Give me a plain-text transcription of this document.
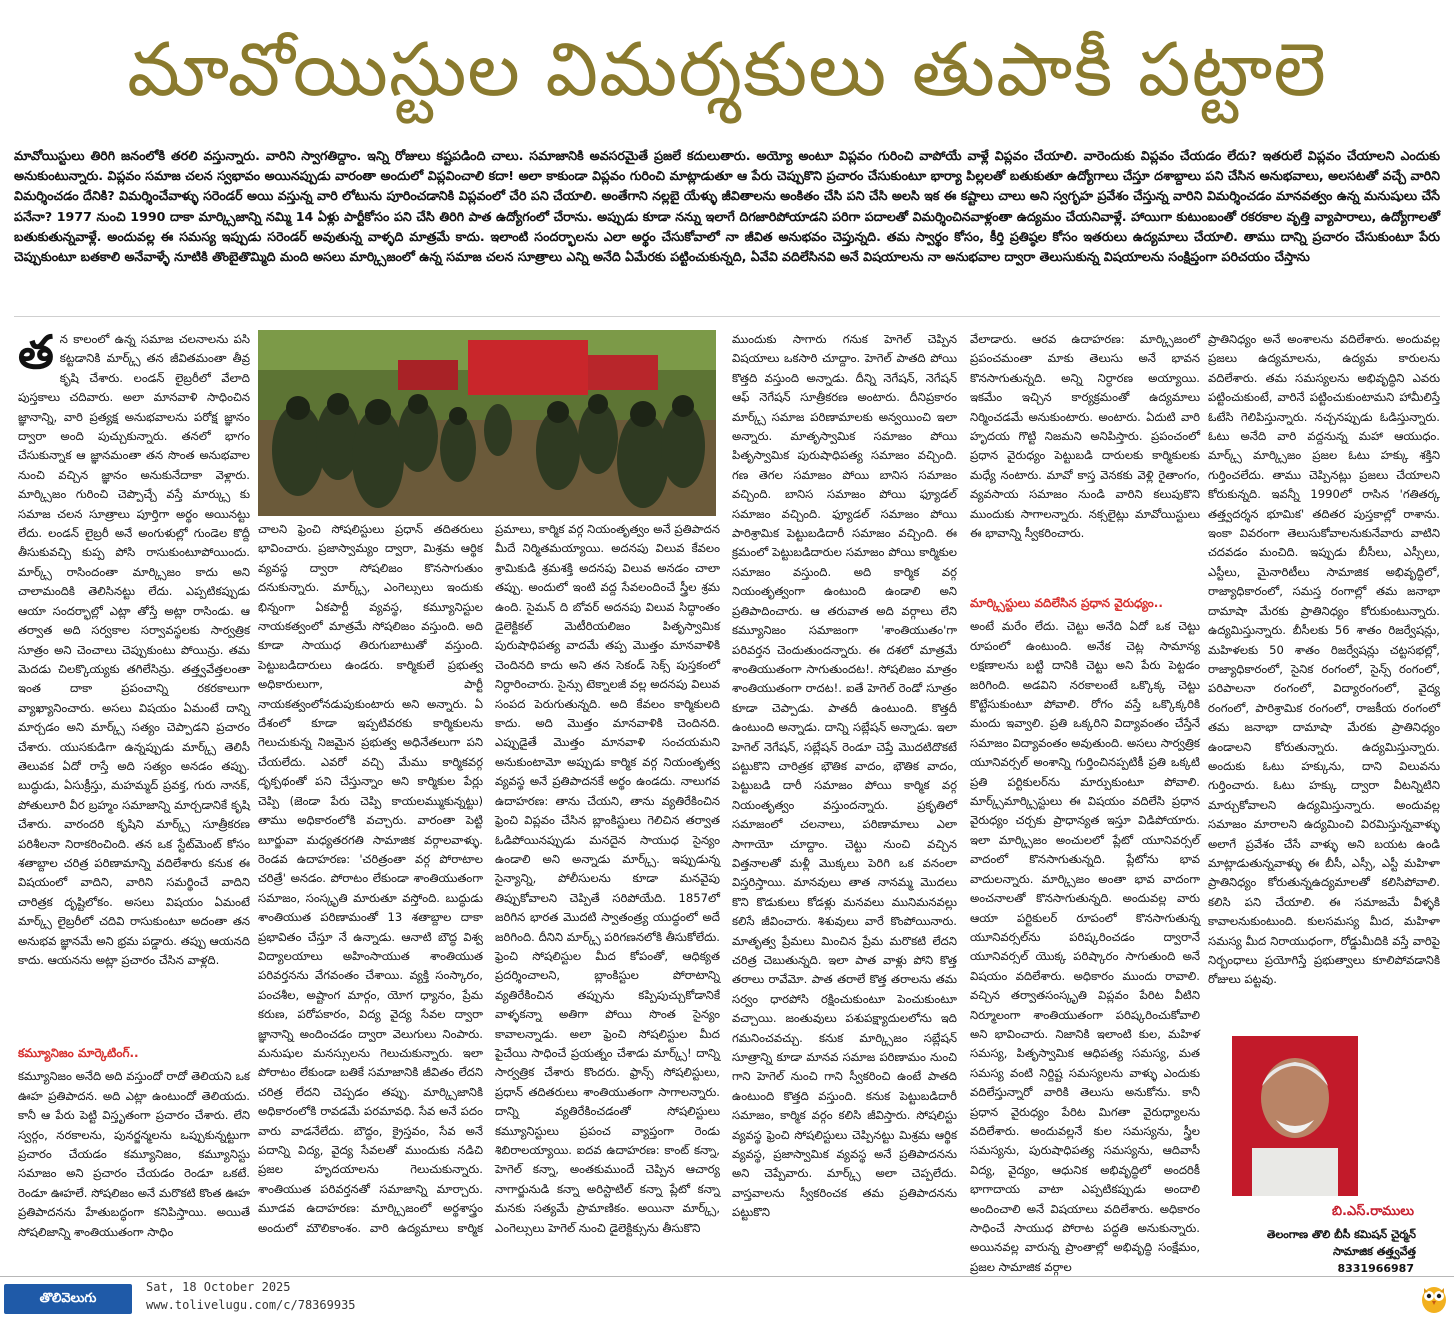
మావోయిస్టుల విమర్శకులు తుపాకీ పట్టాలె
మావోయిస్టులు తిరిగి జనంలోకి తరలి వస్తున్నారు. వారిని స్వాగతిద్దాం. ఇన్ని రోజులు కష్టపడింది చాలు. సమాజానికి అవసరమైతే ప్రజలే కదులుతారు. అయ్యో అంటూ విప్లవం గురించి వాపోయే వాళ్లే విప్లవం చేయాలి. వారెందుకు విప్లవం చేయడం లేదు? ఇతరులే విప్లవం చేయాలని ఎందుకు అనుకుంటున్నారు. విప్లవం సమాజ చలన స్వభావం అయినప్పుడు వారంతా అందులో విప్లవించాలి కదా! అలా కాకుండా విప్లవం గురించి మాట్లాడుతూ ఆ పేరు చెప్పుకొని ప్రచారం చేసుకుంటూ భార్యా పిల్లలతో బతుకుతూ ఉద్యోగాలు చేస్తూ దశాబ్దాలు పని చేసిన అనుభవాలు, అలసటతో వచ్చే వారిని విమర్శించడం దేనికి? విమర్శించేవాళ్ళు సరెండర్ అయి వస్తున్న వారి లోటును పూరించడానికి విప్లవంలో చేరి పని చేయాలి. అంతేగాని నల్లబై యేళ్ళు జీవితాలను అంకితం చేసి పని చేసి అలసి ఇక ఈ కష్టాలు చాలు అని స్వగృహ ప్రవేశం చేస్తున్న వారిని విమర్శించడం మానవత్వం ఉన్న మనుషులు చేసే పనేనా? 1977 నుంచి 1990 దాకా మార్క్సిజాన్ని నమ్మి 14 ఏళ్లు పార్టీకోసం పని చేసి తిరిగి పాత ఉద్యోగంలో చేరాను. అప్పుడు కూడా నన్ను ఇలాగే దిగజారిపోయాడని పరిగా పదాలతో విమర్శించినవాళ్లంతా ఉద్యమం చేయనివాళ్లే. హాయిగా కుటుంబంతో రకరకాల వృత్తి వ్యాపారాలు, ఉద్యోగాలతో బతుకుతున్నవాళ్లే. అందువల్ల ఈ సమస్య ఇప్పుడు సరెండర్ అవుతున్న వాళ్ళది మాత్రమే కాదు. ఇలాంటి సందర్భాలను ఎలా అర్థం చేసుకోవాలో నా జీవిత అనుభవం చెప్తున్నది. తమ స్వార్థం కోసం, కీర్తి ప్రతిష్ఠల కోసం ఇతరులు ఉద్యమాలు చేయాలి. తాము దాన్ని ప్రచారం చేసుకుంటూ పేరు చెప్పుకుంటూ బతకాలి అనేవాళ్ళే నూటికి తొంబైతొమ్మిది మంది అసలు మార్క్సిజంలో ఉన్న సమాజ చలన సూత్రాలు ఎన్ని అనేది ఏమేరకు పట్టించుకున్నది, ఏవేవి వదిలేసినవి అనే విషయాలను నా అనుభవాల ద్వారా తెలుసుకున్న విషయాలను సంక్షిప్తంగా పరిచయం చేస్తాను
త న కాలంలో ఉన్న సమాజ చలనాలను పసి కట్టడానికి మార్క్స్ తన జీవితమంతా తీవ్ర కృషి చేశారు. లండన్ లైబ్రరీలో వేలాది పుస్తకాలు చదివారు. అలా మానవాళి సాధించిన జ్ఞానాన్ని, వారి ప్రత్యక్ష అనుభవాలను పరోక్ష జ్ఞానం ద్వారా అంది పుచ్చుకున్నారు. తనలో భాగం చేసుకున్నాక ఆ జ్ఞానమంతా తన సొంత అనుభవాల నుంచి వచ్చిన జ్ఞానం అనుకునేదాకా వెళ్లారు. మార్క్సిజం గురించి చెప్పొచ్చే వస్తే మార్క్సు కు సమాజ చలన సూత్రాలు పూర్తిగా అర్థం అయినట్టు లేదు. లండన్ లైబ్రరీ అనే అంగుళుల్లో గుండెల కొద్దీ తీసుకువచ్చి కుప్ప పోసి రాసుకుంటూపోయిందు. మార్క్స్ రాసిందంతా మార్క్సిజం కాదు అని చాలామందికి తెలిసినట్టు లేదు. ఎప్పటికప్పుడు ఆయా సందర్భాల్లో ఎట్లా తోస్తే అట్లా రాసిండు. ఆ తర్వాత అది సర్వకాల సర్వావస్థలకు సార్వత్రిక సూత్రం అని చెంచాలు చెప్పుకుంటు పోయిన్రు. తమ మెదడు చిలక్కొయ్యకు తగిలేసిన్రు. తత్త్వవేత్తలంతా ఇంత దాకా ప్రపంచాన్ని రకరకాలుగా వ్యాఖ్యానించారు. అసలు విషయం ఏమంటే దాన్ని మార్చడం అని మార్క్స్ సత్యం చెప్పాడని ప్రచారం చేశారు. యుసకుడిగా ఉన్నప్పుడు మార్క్స్ తెలిసీ తెలువక ఏదో రాస్తే అది సత్యం అనడం తప్పు. బుద్ధుడు, ఏసుక్రీస్తు, మహమ్మద్ ప్రవక్త, గురు నానక్, పోతులూరి వీర బ్రహ్మం సమాజాన్ని మార్చడానికే కృషి చేశారు. వారందరి కృషిని మార్క్స్ సూత్రీకరణ పరిశీలనా నిరాకరించింది. తన ఒక స్టేట్‌మెంట్ కోసం శతాబ్దాల చరిత్ర పరిణామాన్ని వదిలేశారు కనుక ఈ విషయంలో వాదిని, వారిని సమర్థించే వాదిని చారిత్రక దృష్టిలోకం. అసలు విషయం ఏమంటే మార్క్స్ లైబ్రరీలో చదివి రాసుకుంటూ అదంతా తన అనుభవ జ్ఞానమే అని భ్రమ పడ్డారు. తప్పు ఆయనది కాదు. ఆయనను అట్లా ప్రచారం చేసిన వాళ్లది.
కమ్యూనిజం మార్కెటింగ్..
కమ్యూనిజం అనేది అది వస్తుందో రాదో తెలియని ఒక ఊహ ప్రతిపాదన. అది ఎట్లా ఉంటుందో తెలియదు. కానీ ఆ పేరు పెట్టి విస్తృతంగా ప్రచారం చేశారు. లేని స్వర్గం, నరకాలను, పునర్జన్మలను ఒప్పుకున్నట్టుగా ప్రచారం చేయడం కమ్యూనిజం, కమ్యూనిస్టు సమాజం అని ప్రచారం చేయడం రెండూ ఒకటే. రెండూ ఊహలే. సోషలిజం అనే మరొకటి కొంత ఊహ ప్రతిపాదనను హేతుబద్ధంగా కనిపిస్తాయి. అయితే సోషలిజాన్ని శాంతియుతంగా సాధిం
చాలని ఫ్రెంచి సోషలిస్టులు ప్రధాన్ తదితరులు భావించారు. ప్రజాస్వామ్యం ద్వారా, మిశ్రమ ఆర్థిక వ్యవస్థ ద్వారా సోషలిజం కొనసాగుతుం దనుకున్నారు. మార్క్స్, ఎంగెల్సులు ఇందుకు భిన్నంగా ఏకపార్టీ వ్యవస్థ, కమ్యూనిస్టుల నాయకత్వంలో మాత్రమే సోషలిజం వస్తుంది. అది కూడా సాయుధ తిరుగుబాటుతో వస్తుంది. పెట్టుబడిదారులు ఉండరు. కార్మికులే ప్రభుత్వ అధికారులుగా, పార్టీ నాయకత్వంలోనడుపుకుంటారు అని అన్నారు. ఏ దేశంలో కూడా ఇప్పటివరకు కార్మికులను గెలుచుకున్న నిజమైన ప్రభుత్వ అధినేతలుగా పని చేయలేదు. ఎవరో వచ్చి మేము కార్మికవర్గ దృక్పథంతో పని చేస్తున్నాం అని కార్మికుల పేర్లు చెప్పి (జెండా పేరు చెప్పి కాయలమ్ముకున్నట్టు) తాము అధికారంలోకి వచ్చారు. వారంతా పెట్టి బూర్జువా మధ్యతరగతి సామాజిక వర్గాలవాళ్ళు. రెండవ ఉదాహరణ: 'చరిత్రంతా వర్గ పోరాటాల చరిత్రే' అనడం. పోరాటం లేకుండా శాంతియుతంగా సమాజం, సంస్కృతి మారుతూ వస్తోంది. బుద్ధుడు శాంతియుత పరిణామంతో 13 శతాబ్దాల దాకా ప్రభావితం చేస్తూ నే ఉన్నాడు. ఆనాటి బౌద్ధ విశ్వ విద్యాలయాలు అహింసాయుత శాంతియుత పరివర్తనను వేగవంతం చేశాయి. వ్యక్తి సంస్కారం, పంచశీల, అష్టాంగ మార్గం, యోగ ధ్యానం, ప్రేమ కరుణ, పరోపకారం, విద్య వైద్య సేవల ద్వారా జ్ఞానాన్ని అందించడం ద్వారా వెలుగులు నింపారు. మనుషుల మనస్సులను గెలుచుకున్నారు. ఇలా పోరాటం లేకుండా బతికే సమాజానికి జీవితం లేదని చరిత్ర లేదని చెప్పడం తప్పు. మార్క్సిజానికి అధికారంలోకి రావడమే పరమావధి. సేవ అనే పదం వారు వాడనేలేదు. బౌద్ధం, క్రైస్తవం, సేవ అనే పదాన్ని విద్య, వైద్య సేవలతో ముందుకు నడిచి ప్రజల హృదయాలను గెలుచుకున్నారు. శాంతియుత పరివర్తనతో సమాజాన్ని మార్చారు. మూడవ ఉదాహరణ: మార్క్సిజంలో అర్థశాస్త్రం అందులో మౌలికాంశం. వారి ఉద్యమాలు కార్మిక ప్రమాలు, కార్మిక వర్గ నియంతృత్వం అనే ప్రతిపాదన మీదే నిర్మితమయ్యాయి. అదనపు విలువ కేవలం శ్రామికుడి శ్రమశక్తి అదనపు విలువ అనడం చాలా తప్పు. అందులో ఇంటి వద్ద సేవలందించే స్త్రీల శ్రమ ఉంది. సైమన్ ది బోవర్ అదనపు విలువ సిద్ధాంతం డైలెక్టికల్ మెటీరియలిజం పితృస్వామిక పురుషాధిపత్య వాదమే తప్ప మొత్తం మానవాళికి చెందినది కాదు అని తన సెకండ్ సెక్స్ పుస్తకంలో నిర్ధారించారు. సైన్సు టెక్నాలజీ వల్ల అదనపు విలువ సంపద పెరుగుతున్నది. అది కేవలం కార్మికులది కాదు. అది మొత్తం మానవాళికి చెందినది. ఎప్పుడైతే మొత్తం మానవాళి సంచయమని అనుకుంటామో అప్పుడు కార్మిక వర్గ నియంతృత్వ వ్యవస్థ అనే ప్రతిపాదనకే అర్థం ఉండదు. నాలుగవ ఉదాహరణ: తాను చేయని, తాను వ్యతిరేకించిన ఫ్రెంచి విప్లవం చేసిన బ్లాంకిస్టులు గెలిచిన తర్వాత ఓడిపోయినప్పుడు మనదైన సాయుధ సైన్యం ఉండాలి అని అన్నాడు మార్క్స్. ఇప్పుడున్న సైన్యాన్ని, పోలీసులను కూడా మనవైపు తిప్పుకోవాలని చెప్పితే సరిపోయేది. 1857లో జరిగిన భారత మొదటి స్వాతంత్ర్య యుద్ధంలో అదే జరిగింది. దీనిని మార్క్స్ పరిగణనలోకి తీసుకోలేదు. ఫ్రెంచి సోషలిస్టుల మీద కోపంతో, ఆధిక్యత ప్రదర్శించాలని, బ్లాంకిస్టుల పోరాటాన్ని వ్యతిరేకించిన తప్పును కప్పిపుచ్చుకోడానికే వాళ్ళకన్నా అతిగా పోయి సొంత సైన్యం కావాలన్నాడు. అలా ఫ్రెంచి సోషలిస్టుల మీద పైచేయి సాధించే ప్రయత్నం చేశాడు మార్క్స్! దాన్ని సార్వత్రిక చేశారు కొందరు. ఫ్రాన్స్ సోషలిస్టులు, ప్రధాన్ తదితరులు శాంతియుతంగా సాగాలన్నారు. దాన్ని వ్యతిరేకించడంతో సోషలిస్టులు కమ్యూనిస్టులు ప్రపంచ వ్యాప్తంగా రెండు శిబిరాలయ్యాయి. ఐదవ ఉదాహరణ: కాంట్ కన్నా, హెగెల్ కన్నా, అంతకుముందే చెప్పిన ఆచార్య నాగార్జునుడి కన్నా అరిస్టాటిల్ కన్నా ప్లేటో కన్నా మనకు సత్యమే ప్రామాణికం. అయినా మార్క్స్, ఎంగెల్సులు హెగెల్ నుంచి డైలెక్టిక్సును తీసుకొని
ముందుకు సాగారు గనుక హెగెల్ చెప్పిన విషయాలు ఒకసారి చూద్దాం. హెగెల్ పాతది పోయి కొత్తది వస్తుంది అన్నాడు. దీన్ని నెగేషన్, నెగేషన్ ఆఫ్ నెగేషన్ సూత్రీకరణ అంటారు. దీనిప్రకారం మార్క్స్ సమాజ పరిణామాలకు అన్వయించి ఇలా అన్నారు. మాతృస్వామిక సమాజం పోయి పితృస్వామిక పురుషాధిపత్య సమాజం వచ్చింది. గణ తెగల సమాజం పోయి బానిస సమాజం వచ్చింది. బానిస సమాజం పోయి ఫ్యూడల్ సమాజం వచ్చింది. ఫ్యూడల్ సమాజం పోయి పారిశ్రామిక పెట్టుబడిదారీ సమాజం వచ్చింది. ఈ క్రమంలో పెట్టుబడిదారుల సమాజం పోయి కార్మికుల సమాజం వస్తుంది. అది కార్మిక వర్గ నియంతృత్వంగా ఉంటుంది ఉండాలి అని ప్రతిపాదించారు. ఆ తరువాత అది వర్గాలు లేని కమ్యూనిజం సమాజంగా 'శాంతియుతం'గా పరివర్తన చెందుతుందన్నారు. ఈ దశలో మాత్రమే శాంతియుతంగా సాగుతుందట!. సోషలిజం మాత్రం శాంతియుతంగా రాదట!. ఐతే హెగెల్ రెండో సూత్రం కూడా చెప్పాడు. పాతదీ ఉంటుంది. కొత్తదీ ఉంటుంది అన్నాడు. దాన్ని సబ్లేషన్ అన్నాడు. ఇలా హెగెల్ నెగేషన్, సబ్లేషన్ రెండూ చెప్తే మొదటిదొకటే పట్టుకొని చారిత్రక భౌతిక వాదం, భౌతిక వాదం, పెట్టుబడి దారీ సమాజం పోయి కార్మిక వర్గ నియంతృత్వం వస్తుందన్నారు. ప్రకృతిలో సమాజంలో చలనాలు, పరిణామాలు ఎలా సాగాయో చూద్దాం. చెట్టు నుంచి వచ్చిన విత్తనాలతో మళ్లీ మొక్కలు పెరిగి ఒక వనంలా విస్తరిస్తాయి. మానవులు తాత నానమ్మ మొదలు కొని కొడుకులు కోడళ్లు మనవలు మునిమనవల్లు కలిసే జీవించారు. శిశువులు వారే కొంపోయినారు. మాతృత్వ ప్రేమలు మించిన ప్రేమ మరొకటి లేదని చరిత్ర చెబుతున్నది. ఇలా పాత వాళ్లు పోని కొత్త తరాలు రావేమో. పాత తరాలే కొత్త తరాలను తమ సర్వం ధారపోసి రక్షించుకుంటూ పెంచుకుంటూ వచ్చాయి. జంతువులు పశుపక్ష్యాదులలోను ఇది గమనించవచ్చు. కనుక మార్క్సిజం సబ్లేషన్ సూత్రాన్ని కూడా మానవ సమాజ పరిణామం నుంచి గాని హెగెల్ నుంచి గాని స్వీకరించి ఉంటే పాతది ఉంటుంది కొత్తది వస్తుంది. కనుక పెట్టుబడిదారీ సమాజం, కార్మిక వర్గం కలిసి జీవిస్తారు. సోషలిస్టు వ్యవస్థ ఫ్రెంచి సోషలిస్టులు చెప్పినట్టు మిశ్రమ ఆర్థిక వ్యవస్థ, ప్రజాస్వామిక వ్యవస్థ అనే ప్రతిపాదనను అని చెప్పేవారు. మార్క్స్ అలా చెప్పలేదు. వాస్తవాలను స్వీకరించక తమ ప్రతిపాదనను పట్టుకొని
వేలాడారు. ఆరవ ఉదాహరణ: మార్క్సిజంలో ప్రపంచమంతా మాకు తెలుసు అనే భావన కొనసాగుతున్నది. అన్ని నిర్ధారణ అయ్యాయి. ఇకమేం ఇచ్చిన కార్యక్రమంతో ఉద్యమాలు నిర్మించడమే అనుకుంటారు. అంటారు. ఏదుటి వారి హృదయ గొట్టి నిజమని అనిపిస్తారు. ప్రపంచంలో ప్రధాన వైరుధ్యం పెట్టుబడి దారులకు కార్మికులకు మధ్యే నంటారు. మావో కాస్త వెనకకు వెళ్లి రైతాంగం, వ్యవసాయ సమాజం నుండి వారిని కలుపుకొని ముందుకు సాగాలన్నారు. నక్సలైట్లు మావోయిస్టులు ఈ భావాన్ని స్వీకరించారు.
మార్క్సిస్టులు వదిలేసిన ప్రధాన వైరుధ్యం..
అంటే మరేం లేదు. చెట్టు అనేది ఏదో ఒక చెట్టు రూపంలో ఉంటుంది. అనేక చెట్ల సామాన్య లక్షణాలను బట్టి దానికి చెట్టు అని పేరు పెట్టడం జరిగింది. అడవిని నరకాలంటే ఒక్కొక్క చెట్టు కొట్టేసుకుంటూ పోవాలి. రోగం వస్తే ఒక్కొక్కరికి మందు ఇవ్వాలి. ప్రతి ఒక్కరిని విద్యావంతం చేస్తేనే సమాజం విద్యావంతం అవుతుంది. అసలు సార్వత్రిక యూనివర్సల్ అంశాన్ని గుర్తించినప్పటికీ ప్రతి ఒక్కటి ప్రతి పర్టికులర్‌ను మార్పుకుంటూ పోవాలి. మార్క్స్‌మార్క్సిస్టులు ఈ విషయం వదిలేసి ప్రధాన వైరుధ్యం చర్చకు ప్రాధాన్యత ఇస్తూ విడిపోయారు. ఇలా మార్క్సిజం అంచులలో ప్లేటో యూనివర్సల్ వాదంలో కొనసాగుతున్నది. ప్లేటోను భావ వాదులన్నారు. మార్క్సిజం అంతా భావ వాదంగా అంచనాలతో కొనసాగుతున్నది. అందువల్ల వారు ఆయా పర్టికులర్ రూపంలో కొనసాగుతున్న యూనివర్సల్‌ను పరిష్కరించడం ద్వారానే యూనివర్సల్ యొక్క పరిష్కారం సాగుతుంది అనే విషయం వదిలేశారు. అధికారం ముందు రావాలి. వచ్చిన తర్వాతసంస్కృతి విప్లవం పేరిట వీటిని నిర్మూలంగా శాంతియుతంగా పరిష్కరించుకోవాలి అని భావించారు. నిజానికి ఇలాంటి కుల, మహిళ సమస్య, పితృస్వామిక ఆధిపత్య సమస్య, మత సమస్య వంటి నిర్దిష్ట సమస్యలను వాళ్ళు ఎందుకు వదిలేస్తున్నారో వారికి తెలుసు అనుకోను. కానీ ప్రధాన వైరుధ్యం పేరిట మిగతా వైరుధ్యాలను వదిలేశారు. అందువల్లనే కుల సమస్యను, స్త్రీల సమస్యను, పురుషాధిపత్య సమస్యను, ఆదివాసీ విద్య, వైద్యం, ఆధునిక అభివృద్ధిలో అందరికీ భాగాదాయ వాటా ఎప్పటికప్పుడు అందాలి అందించాలి అనే విషయాలు వదిలేశారు. అధికారం సాధించే సాయుధ పోరాట పద్ధతి అనుకున్నారు. అయినవల్ల వారున్న ప్రాంతాల్లో అభివృద్ధి సంక్షేమం, ప్రజల సామాజిక వర్గాల
ప్రాతినిధ్యం అనే అంశాలను వదిలేశారు. అందువల్ల ప్రజలు ఉద్యమాలను, ఉద్యమ కారులను వదిలేశారు. తమ సమస్యలను అభివృద్ధిని ఎవరు పట్టించుకుంటే, వారినే పట్టించుకుంటామని హామీలిస్తే ఓటేసి గెలిపిస్తున్నారు. నచ్చనప్పుడు ఓడిస్తున్నారు. ఓటు అనేది వారి వద్దనున్న మహా ఆయుధం. మార్క్స్ మార్క్సిజం ప్రజల ఓటు హక్కు శక్తిని గుర్తించలేదు. తాము చెప్పినట్లు ప్రజలు చేయాలని కోరుకున్నది. ఇవన్నీ 1990లో రాసిన 'గతితర్క తత్త్వదర్శన భూమిక' తదితర పుస్తకాల్లో రాశాను. ఇంకా వివరంగా తెలుసుకోవాలనుకునేవారు వాటిని చదవడం మంచిది. ఇప్పుడు బీసీలు, ఎస్సీలు, ఎస్టీలు, మైనారిటీలు సామాజిక అభివృద్ధిలో, రాజ్యాధికారంలో, సమస్త రంగాల్లో తమ జనాభా దామాషా మేరకు ప్రాతినిధ్యం కోరుకుంటున్నారు. ఉద్యమిస్తున్నారు. బీసీలకు 56 శాతం రిజర్వేషన్లు, మహిళలకు 50 శాతం రిజర్వేషన్లు చట్టసభల్లో, రాజ్యాధికారంలో, సైనిక రంగంలో, సైన్స్ రంగంలో, పరిపాలనా రంగంలో, విద్యారంగంలో, వైద్య రంగంలో, పారిశ్రామిక రంగంలో, రాజకీయ రంగంలో తమ జనాభా దామాషా మేరకు ప్రాతినిధ్యం ఉండాలని కోరుతున్నారు. ఉద్యమిస్తున్నారు. అందుకు ఓటు హక్కును, దాని విలువను గుర్తించారు. ఓటు హక్కు ద్వారా వీటన్నిటిని మార్చుకోవాలని ఉద్యమిస్తున్నారు. అందువల్ల సమాజం మారాలని ఉద్యమించి విరమిస్తున్నవాళ్ళు అలాగే ప్రవేశం చేసే వాళ్ళు అని బయట ఉండి మాట్లాడుతున్నవాళ్ళు ఈ బీసీ, ఎస్సీ, ఎస్టీ మహిళా ప్రాతినిధ్యం కోరుతున్నఉద్యమాలతో కలిసిపోవాలి. కలిసి పని చేయాలి. ఈ సమాజమే వీళ్ళకి కావాలనుకుంటుంది. కులసమస్య మీద, మహిళా సమస్య మీద నిరాయుధంగా, రోడ్డుమీదికి వస్తే వారిపై నిర్బంధాలు ప్రయోగిస్తే ప్రభుత్వాలు కూలిపోవడానికి రోజులు పట్టవు.
బి.ఎస్.రాములు
తెలంగాణ తొలి బీసీ కమిషన్ చైర్మన్
సామాజిక తత్త్వవేత్త
8331966987
తొలివెలుగు
Sat, 18 October 2025
www.tolivelugu.com/c/78369935
